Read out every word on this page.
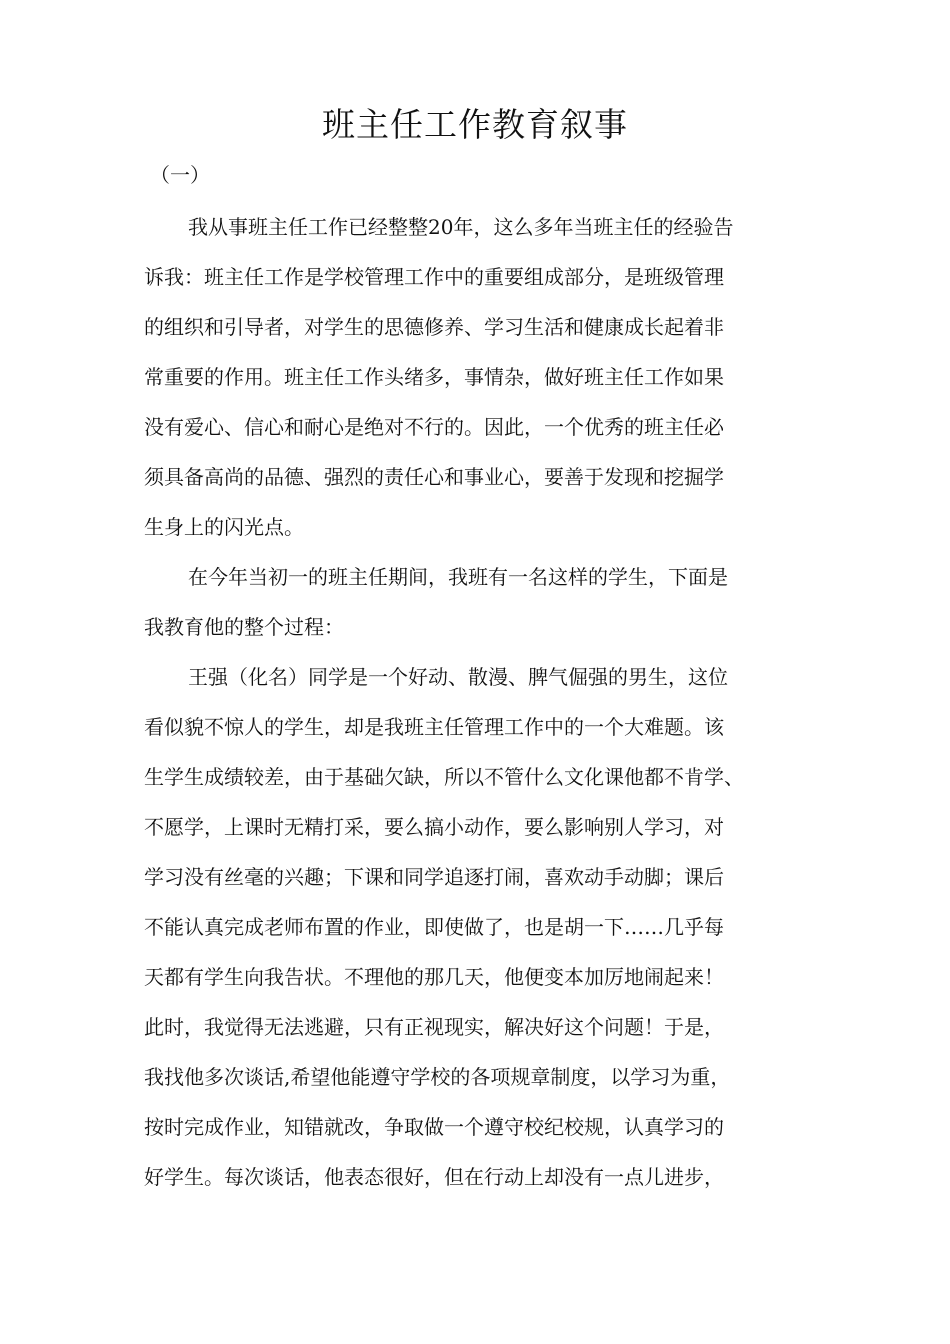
班主任工作教育叙事
（一）
我从事班主任工作已经整整20年，这么多年当班主任的经验告
诉我：班主任工作是学校管理工作中的重要组成部分，是班级管理
的组织和引导者，对学生的思德修养、学习生活和健康成长起着非
常重要的作用。班主任工作头绪多，事情杂，做好班主任工作如果
没有爱心、信心和耐心是绝对不行的。因此，一个优秀的班主任必
须具备高尚的品德、强烈的责任心和事业心，要善于发现和挖掘学
生身上的闪光点。
在今年当初一的班主任期间，我班有一名这样的学生，下面是
我教育他的整个过程：
王强（化名）同学是一个好动、散漫、脾气倔强的男生，这位
看似貌不惊人的学生，却是我班主任管理工作中的一个大难题。该
生学生成绩较差，由于基础欠缺，所以不管什么文化课他都不肯学、
不愿学，上课时无精打采，要么搞小动作，要么影响别人学习，对
学习没有丝毫的兴趣；下课和同学追逐打闹，喜欢动手动脚；课后
不能认真完成老师布置的作业，即使做了，也是胡一下……几乎每
天都有学生向我告状。不理他的那几天，他便变本加厉地闹起来！
此时，我觉得无法逃避，只有正视现实，解决好这个问题！于是，
我找他多次谈话,希望他能遵守学校的各项规章制度，以学习为重，
按时完成作业，知错就改，争取做一个遵守校纪校规，认真学习的
好学生。每次谈话，他表态很好，但在行动上却没有一点儿进步，
